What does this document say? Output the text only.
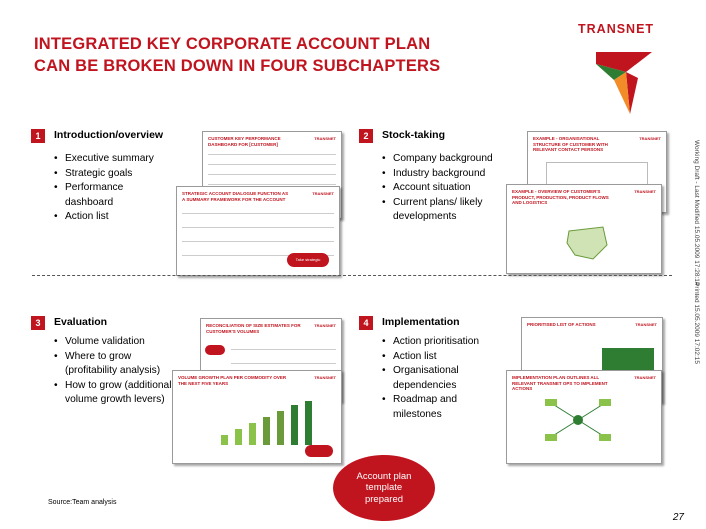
INTEGRATED KEY CORPORATE ACCOUNT PLAN CAN BE BROKEN DOWN IN FOUR SUBCHAPTERS
TRANSNET
Working Draft - Last Modified 15.05.2009 17:28:14
Printed 15.05.2009 17:02:15
1	Introduction/overview
• Executive summary
• Strategic goals
• Performance dashboard
• Action list
CUSTOMER KEY PERFORMANCE DASHBOARD FOR [CUSTOMER]
TRANSNET
STRATEGIC ACCOUNT DIALOGUE FUNCTION AS A SUMMARY FRAMEWORK FOR THE ACCOUNT
TRANSNET
Take strategic initiatives
2	Stock-taking
• Company background
• Industry background
• Account situation
• Current plans/ likely developments
EXAMPLE - ORGANISATIONAL STRUCTURE OF CUSTOMER WITH RELEVANT CONTACT PERSONS
TRANSNET
EXAMPLE - OVERVIEW OF CUSTOMER'S PRODUCT, PRODUCTION, PRODUCT FLOWS AND LOGISTICS
TRANSNET
3	Evaluation
• Volume validation
• Where to grow (profitability analysis)
• How to grow (additional volume growth levers)
RECONCILIATION OF SIZE ESTIMATES FOR CUSTOMER'S VOLUMES
TRANSNET
VOLUME GROWTH PLAN PER COMMODITY OVER THE NEXT FIVE YEARS
TRANSNET
4	Implementation
• Action prioritisation
• Action list
• Organisational dependencies
• Roadmap and milestones
PRIORITISED LIST OF ACTIONS	TRANSNET
IMPLEMENTATION PLAN OUTLINES ALL RELEVANT TRANSNET OPS TO IMPLEMENT ACTIONS
TRANSNET
Source:Team analysis
Account plan template prepared
27
